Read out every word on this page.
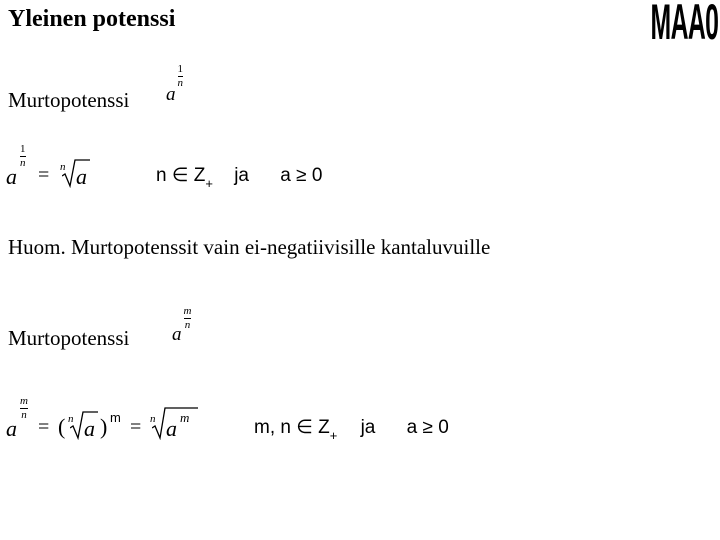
Yleinen potenssi	MAA0
Murtopotenssi a
$\frac{1}{n}$
a
1
n
= n a	n ∈ $Z_+$ ja a ≥ 0
Huom. Murtopotenssit vain ei-negatiivisille kantaluvuille
Murtopotenssi a
$\frac{m}{n}$
a
m
n
= ( n a ) m = n a m	m, n ∈ $Z_+$ ja a ≥ 0
